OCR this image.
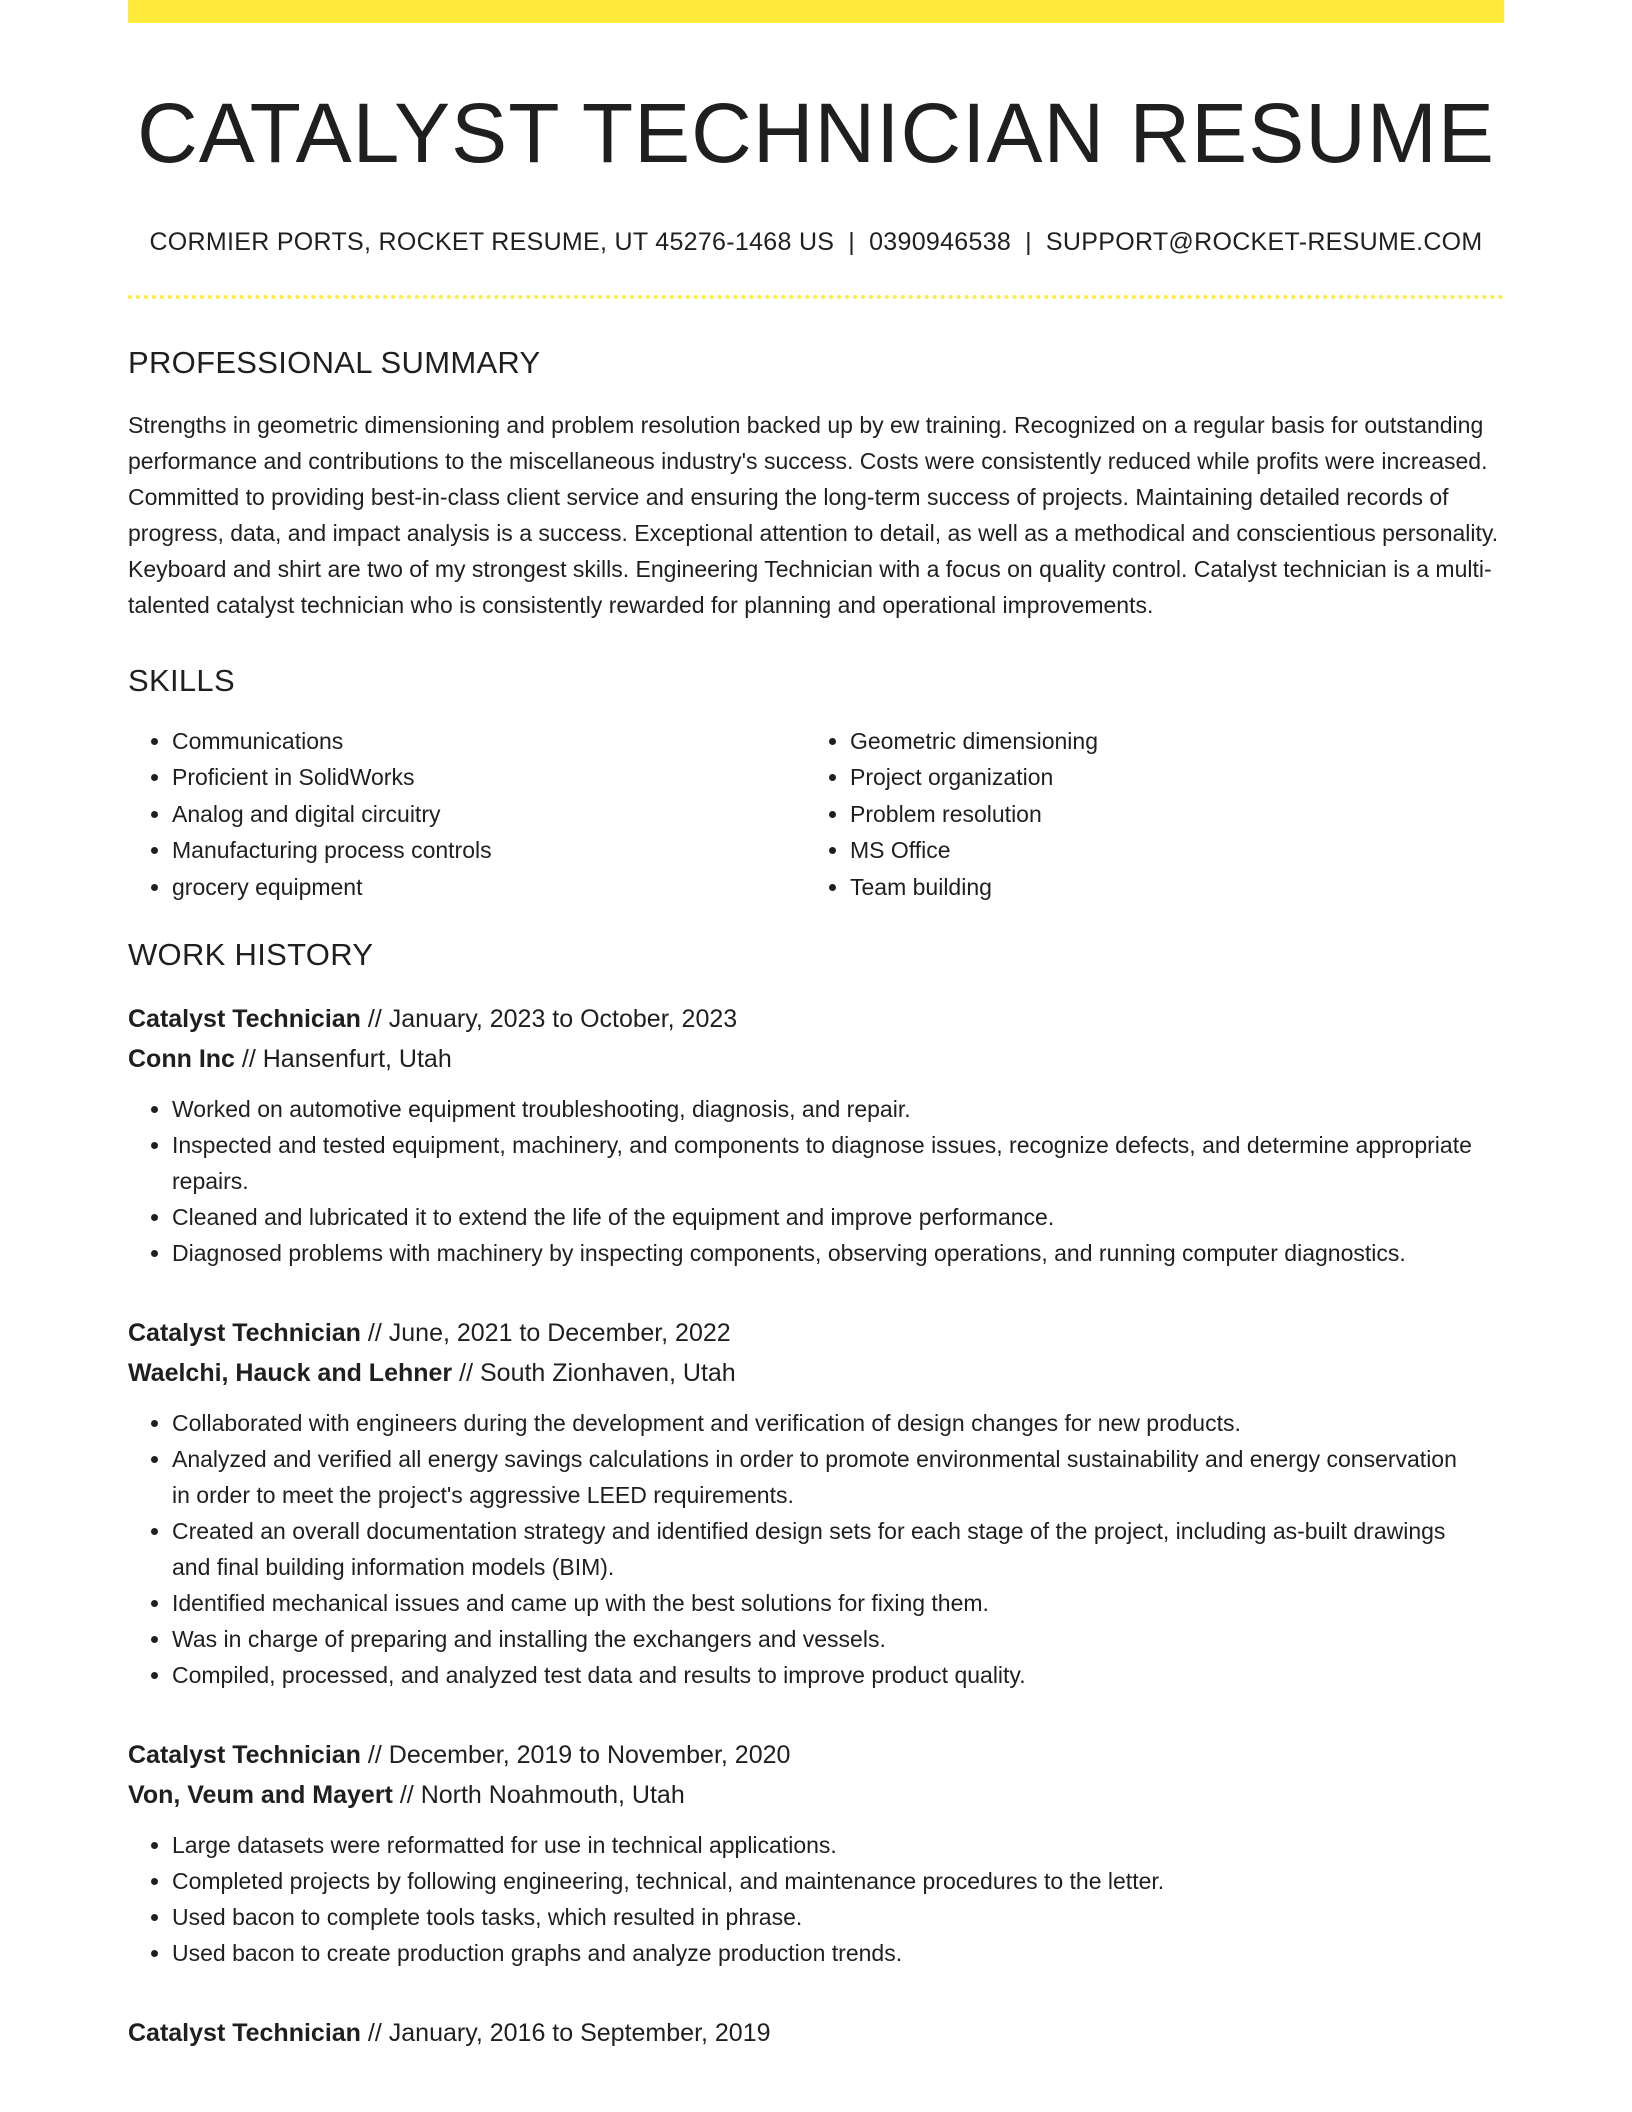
CATALYST TECHNICIAN RESUME
CORMIER PORTS, ROCKET RESUME, UT 45276-1468 US | 0390946538 | SUPPORT@ROCKET-RESUME.COM
PROFESSIONAL SUMMARY

Strengths in geometric dimensioning and problem resolution backed up by ew training. Recognized on a regular basis for outstanding performance and contributions to the miscellaneous industry's success. Costs were consistently reduced while profits were increased. Committed to providing best-in-class client service and ensuring the long-term success of projects. Maintaining detailed records of progress, data, and impact analysis is a success. Exceptional attention to detail, as well as a methodical and conscientious personality. Keyboard and shirt are two of my strongest skills. Engineering Technician with a focus on quality control. Catalyst technician is a multi-talented catalyst technician who is consistently rewarded for planning and operational improvements.

SKILLS
• Communications
• Proficient in SolidWorks
• Analog and digital circuitry
• Manufacturing process controls
• grocery equipment
• Geometric dimensioning
• Project organization
• Problem resolution
• MS Office
• Team building
WORK HISTORY
Catalyst Technician // January, 2023 to October, 2023
Conn Inc // Hansenfurt, Utah
• Worked on automotive equipment troubleshooting, diagnosis, and repair.
• Inspected and tested equipment, machinery, and components to diagnose issues, recognize defects, and determine appropriate repairs.
• Cleaned and lubricated it to extend the life of the equipment and improve performance.
• Diagnosed problems with machinery by inspecting components, observing operations, and running computer diagnostics.
Catalyst Technician // June, 2021 to December, 2022
Waelchi, Hauck and Lehner // South Zionhaven, Utah
• Collaborated with engineers during the development and verification of design changes for new products.
• Analyzed and verified all energy savings calculations in order to promote environmental sustainability and energy conservation in order to meet the project's aggressive LEED requirements.
• Created an overall documentation strategy and identified design sets for each stage of the project, including as-built drawings and final building information models (BIM).
• Identified mechanical issues and came up with the best solutions for fixing them.
• Was in charge of preparing and installing the exchangers and vessels.
• Compiled, processed, and analyzed test data and results to improve product quality.
Catalyst Technician // December, 2019 to November, 2020
Von, Veum and Mayert // North Noahmouth, Utah
• Large datasets were reformatted for use in technical applications.
• Completed projects by following engineering, technical, and maintenance procedures to the letter.
• Used bacon to complete tools tasks, which resulted in phrase.
• Used bacon to create production graphs and analyze production trends.
Catalyst Technician // January, 2016 to September, 2019
